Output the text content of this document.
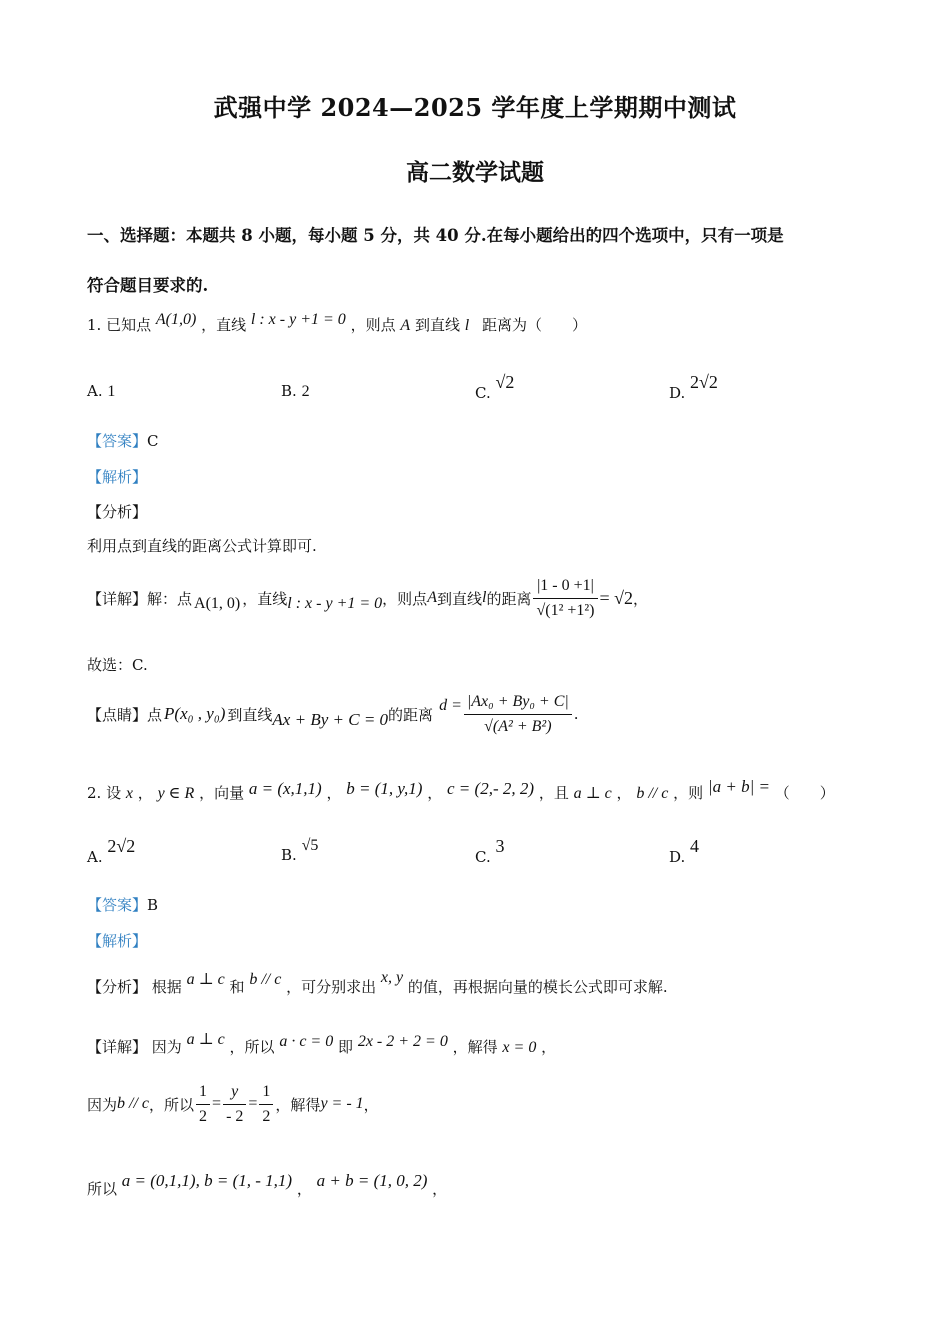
武强中学 2024—2025 学年度上学期期中测试
高二数学试题
一、选择题：本题共 8 小题，每小题 5 分，共 40 分.在每小题给出的四个选项中，只有一项是
符合题目要求的.
1. 已知点 A(1,0) ，直线 l : x - y +1 = 0 ，则点 A 到直线 l 距离为（　　）
A. 1	B. 2	C. √2
D. 2√2
【答案】C
【解析】
【分析】
利用点到直线的距离公式计算即可.
【详解】 解：点 A(1, 0) ，直线 l : x - y +1 = 0 ，则点 A 到直线 l 的距离 $\frac{|1 - 0 +1|}{\text{√(1² +1²)}} = √2$ ，
故选：C.
【点睛】 点 P(x₀ , y₀) 到直线 Ax + By + C = 0 的距离 $d = \frac{\text{|Ax₀ + By₀ + C|}}{\text{√(A² + B²)}}$ .
2. 设 x ， y ∈ R ，向量 a = (x,1,1) ， b = (1, y,1) ， c = (2,- 2, 2) ，且 a ⊥ c ， b // c ，则 |a + b| = （　　）
A. 2√2	B. √5
C. 3
D. 4
【答案】B
【解析】
【分析】 根据 a ⊥ c 和 b // c ，可分别求出 x, y 的值，再根据向量的模长公式即可求解.
【详解】 因为 a ⊥ c ，所以 a · c = 0 即 2x - 2 + 2 = 0 ，解得 x = 0 ，
因为 b // c ，所以 $\frac{1}{2} = \frac{y}{- 2} = \frac{1}{2}$ ，解得 y = - 1 ，
所以 a = (0,1,1), b = (1, - 1,1) ， a + b = (1, 0, 2) ，
